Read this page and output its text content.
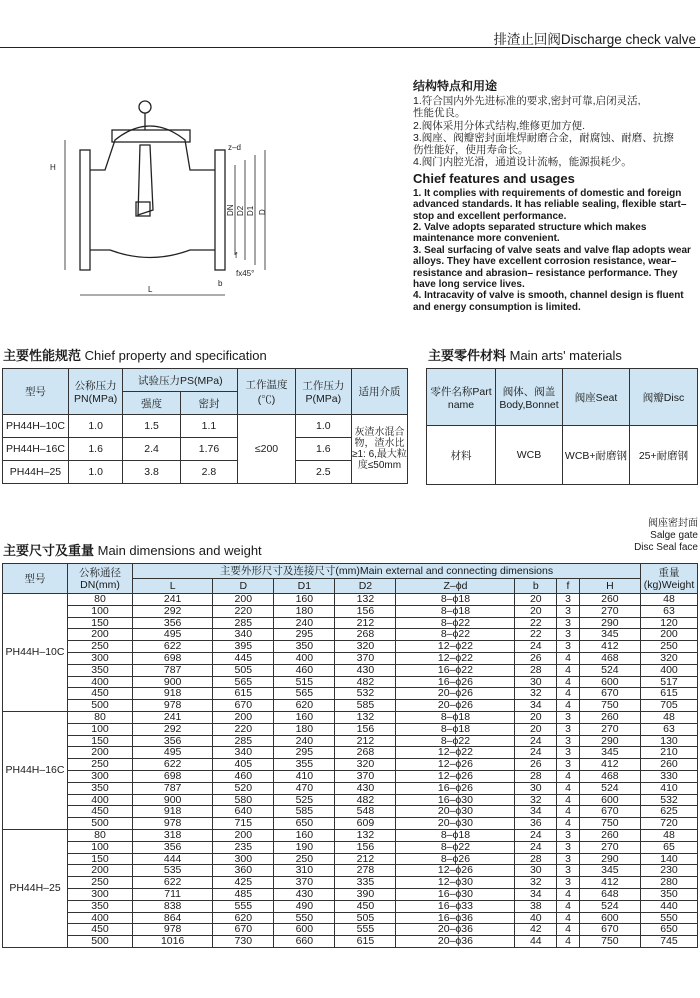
排渣止回阀Discharge check valve
H
z–d
DN D2 D1 D
f
fx45°
b
L
结构特点和用途

1.符合国内外先进标准的要求,密封可靠,启闭灵活,

性能优良。

2.阀体采用分体式结构,维修更加方便.

3.阀座、阀瓣密封面堆焊耐磨合金，耐腐蚀、耐磨、抗擦

伤性能好，使用寿命长。

4.阀门内腔光滑，通道设计流畅，能源损耗少。

Chief features and usages

1. It complies with requirements of domestic and foreign advanced standards. It has reliable sealing, flexible start–stop and excellent performance.

2. Valve adopts separated structure which makes maintenance more convenient.

3. Seal surfacing of valve seats and valve flap adopts wear alloys. They have excellent corrosion resistance, wear–resistance and abrasion– resistance performance. They have long service lives.

4. Intracavity of valve is smooth, channel design is fluent and energy consumption is limited.

主要性能规范 Chief property and specification
型号	公称压力PN(MPa)	试验压力PS(MPa)		工作温度(℃)	工作压力P(MPa)	适用介质
		强度	密封			
PH44H–10C	1.0	1.5	1.1	≤200	1.0	灰渣水混合物，渣水比≥1: 6,最大粒度≤50mm
PH44H–16C	1.6	2.4	1.76		1.6	
PH44H–25	1.0	3.8	2.8		2.5	
主要零件材料 Main arts' materials
零件名称Part name	阀体、阀盖Body,Bonnet	阀座Seat	阀瓣Disc
材料	WCB	WCB+耐磨钢	25+耐磨钢
主要尺寸及重量 Main dimensions and weight
阀座密封面
Salge gate
Disc Seal face
型号	公称通径DN(mm)	主要外形尺寸及连接尺寸(mm)Main external and connecting dimensions								重量(kg)Weight
		L	D	D1	D2	Z–ϕd	b	f	H	
PH44H–10C	80	241	200	160	132	8–ϕ18	20	3	260	48
	100	292	220	180	156	8–ϕ18	20	3	270	63
	150	356	285	240	212	8–ϕ22	22	3	290	120
	200	495	340	295	268	8–ϕ22	22	3	345	200
	250	622	395	350	320	12–ϕ22	24	3	412	250
	300	698	445	400	370	12–ϕ22	26	4	468	320
	350	787	505	460	430	16–ϕ22	28	4	524	400
	400	900	565	515	482	16–ϕ26	30	4	600	517
	450	918	615	565	532	20–ϕ26	32	4	670	615
	500	978	670	620	585	20–ϕ26	34	4	750	705
PH44H–16C	80	241	200	160	132	8–ϕ18	20	3	260	48
	100	292	220	180	156	8–ϕ18	20	3	270	63
	150	356	285	240	212	8–ϕ22	24	3	290	130
	200	495	340	295	268	12–ϕ22	24	3	345	210
	250	622	405	355	320	12–ϕ26	26	3	412	260
	300	698	460	410	370	12–ϕ26	28	4	468	330
	350	787	520	470	430	16–ϕ26	30	4	524	410
	400	900	580	525	482	16–ϕ30	32	4	600	532
	450	918	640	585	548	20–ϕ30	34	4	670	625
	500	978	715	650	609	20–ϕ30	36	4	750	720
PH44H–25	80	318	200	160	132	8–ϕ18	24	3	260	48
	100	356	235	190	156	8–ϕ22	24	3	270	65
	150	444	300	250	212	8–ϕ26	28	3	290	140
	200	535	360	310	278	12–ϕ26	30	3	345	230
	250	622	425	370	335	12–ϕ30	32	3	412	280
	300	711	485	430	390	16–ϕ30	34	4	648	350
	350	838	555	490	450	16–ϕ33	38	4	524	440
	400	864	620	550	505	16–ϕ36	40	4	600	550
	450	978	670	600	555	20–ϕ36	42	4	670	650
	500	1016	730	660	615	20–ϕ36	44	4	750	745
